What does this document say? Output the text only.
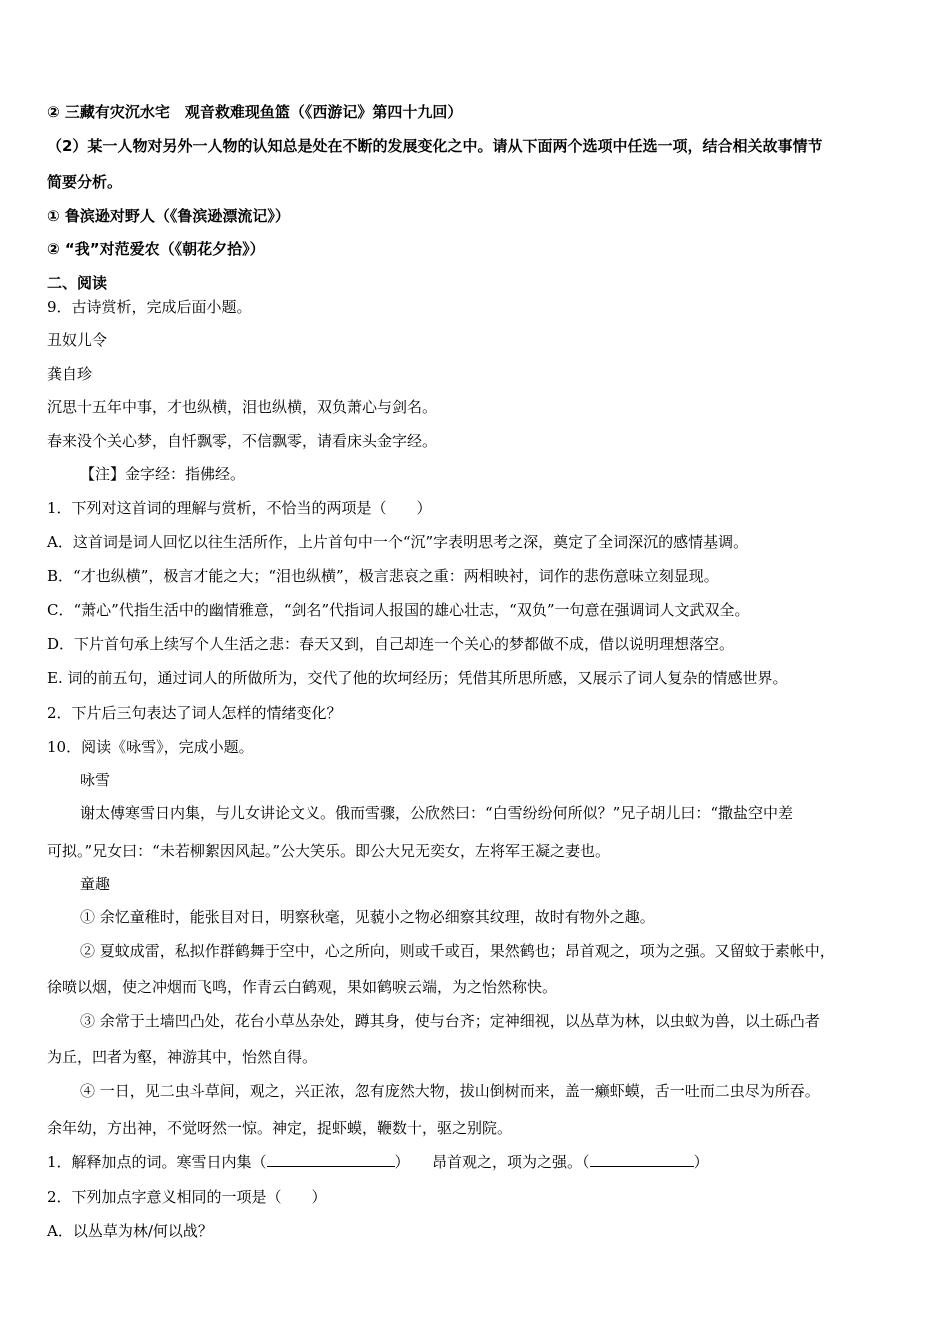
② 三藏有灾沉水宅　观音救难现鱼篮（《西游记》第四十九回）
（2）某一人物对另外一人物的认知总是处在不断的发展变化之中。请从下面两个选项中任选一项，结合相关故事情节
简要分析。
① 鲁滨逊对野人（《鲁滨逊漂流记》）
② “我”对范爱农（《朝花夕拾》）
二、阅读
9．古诗赏析，完成后面小题。
丑奴儿令
龚自珍
沉思十五年中事，才也纵横，泪也纵横，双负萧心与剑名。
春来没个关心梦，自忏飘零，不信飘零，请看床头金字经。
【注】金字经：指佛经。
1．下列对这首词的理解与赏析，不恰当的两项是（　　）
A．这首词是词人回忆以往生活所作，上片首句中一个“沉”字表明思考之深，奠定了全词深沉的感情基调。
B．“才也纵横”，极言才能之大；“泪也纵横”，极言悲哀之重：两相映衬，词作的悲伤意味立刻显现。
C．“萧心”代指生活中的幽情雅意，“剑名”代指词人报国的雄心壮志，“双负”一句意在强调词人文武双全。
D．下片首句承上续写个人生活之悲：春天又到，自己却连一个关心的梦都做不成，借以说明理想落空。
E. 词的前五句，通过词人的所做所为，交代了他的坎坷经历；凭借其所思所感，又展示了词人复杂的情感世界。
2．下片后三句表达了词人怎样的情绪变化？
10．阅读《咏雪》，完成小题。
咏雪
谢太傅寒雪日内集，与儿女讲论文义。俄而雪骤，公欣然曰：“白雪纷纷何所似？”兄子胡儿曰：“撒盐空中差
可拟。”兄女曰：“未若柳絮因风起。”公大笑乐。即公大兄无奕女，左将军王凝之妻也。
童趣
① 余忆童稚时，能张目对日，明察秋毫，见藐小之物必细察其纹理，故时有物外之趣。
② 夏蚊成雷，私拟作群鹤舞于空中，心之所向，则或千或百，果然鹤也；昂首观之，项为之强。又留蚊于素帐中，
徐喷以烟，使之冲烟而飞鸣，作青云白鹤观，果如鹤唳云端，为之怡然称快。
③ 余常于土墙凹凸处，花台小草丛杂处，蹲其身，使与台齐；定神细视，以丛草为林，以虫蚁为兽，以土砾凸者
为丘，凹者为壑，神游其中，怡然自得。
④ 一日，见二虫斗草间，观之，兴正浓，忽有庞然大物，拔山倒树而来，盖一癞虾蟆，舌一吐而二虫尽为所吞。
余年幼，方出神，不觉呀然一惊。神定，捉虾蟆，鞭数十，驱之别院。
1．解释加点的词。寒雪日内集（	）　　昂首观之，项为之强。（	）
2．下列加点字意义相同的一项是（　　）
A．以丛草为林/何以战？
